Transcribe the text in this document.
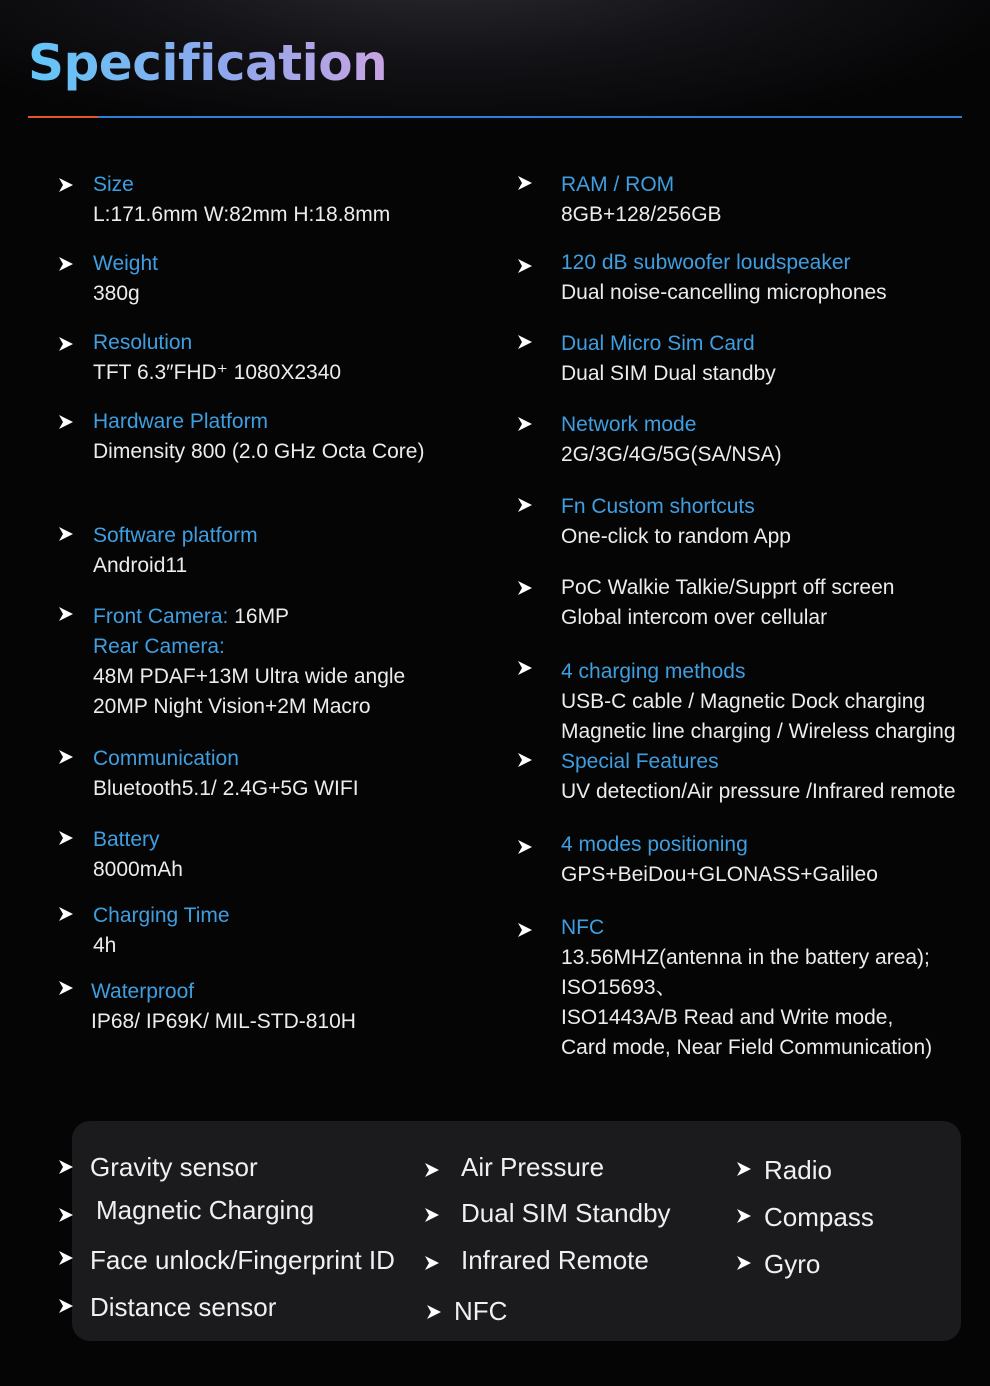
Specification
Size
L:171.6mm W:82mm H:18.8mm
Weight
380g
Resolution
TFT 6.3″FHD⁺ 1080X2340
Hardware Platform
Dimensity 800 (2.0 GHz Octa Core)
Software platform
Android11
Front Camera: 16MP
Rear Camera:
48M PDAF+13M Ultra wide angle
20MP Night Vision+2M Macro
Communication
Bluetooth5.1/ 2.4G+5G WIFI
Battery
8000mAh
Charging Time
4h
Waterproof
IP68/ IP69K/ MIL-STD-810H
RAM / ROM
8GB+128/256GB
120 dB subwoofer loudspeaker
Dual noise-cancelling microphones
Dual Micro Sim Card
Dual SIM Dual standby
Network mode
2G/3G/4G/5G(SA/NSA)
Fn Custom shortcuts
One-click to random App
PoC Walkie Talkie/Supprt off screen
Global intercom over cellular
4 charging methods
USB-C cable / Magnetic Dock charging
Magnetic line charging / Wireless charging
Special Features
UV detection/Air pressure /Infrared remote
4 modes positioning
GPS+BeiDou+GLONASS+Galileo
NFC
13.56MHZ(antenna in the battery area);
ISO15693、
ISO1443A/B Read and Write mode,
Card mode, Near Field Communication)
Gravity sensor
Magnetic Charging
Face unlock/Fingerprint ID
Distance sensor
Air Pressure
Dual SIM Standby
Infrared Remote
NFC
Radio
Compass
Gyro
